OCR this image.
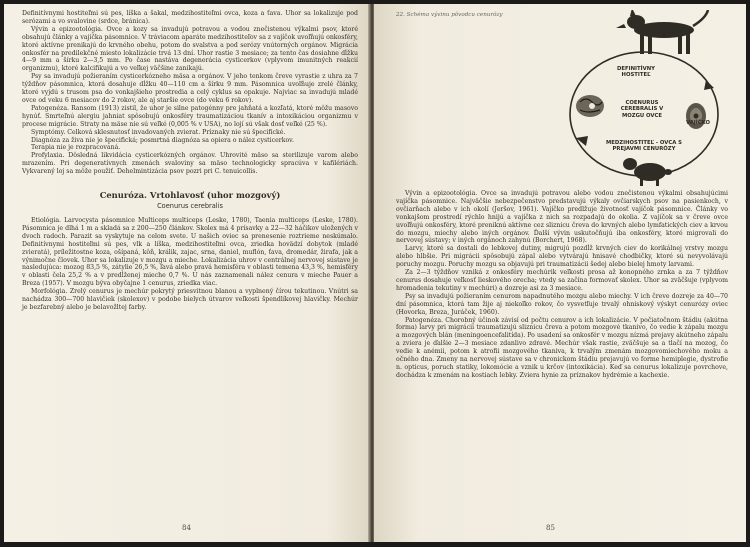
Definitívnymi hostiteľmi sú pes, líška a šakal, medzihostiteľmi ovca, koza a ťava. Uhor sa lokalizuje pod serózami a vo svalovine (srdce, bránica).

Vývin a epizootológia. Ovce a kozy sa invadujú potravou a vodou znečistenou výkalmi psov, ktoré obsahujú články a vajíčka pásomnice. V tráviacom aparáte medzihostiteľov sa z vajíčok uvoľňujú onkosféry, ktoré aktívne prenikajú do krvného obehu, potom do svalstva a pod serózy vnútorných orgánov. Migrácia onkosfér na predilekčné miesto lokalizácie trvá 13 dní. Uhor rastie 3 mesiace; za tento čas dosiahne dĺžku 4—9 mm a šírku 2—3,5 mm. Po čase nastáva degenerácia cysticerkov (vplyvom imunitných reakcií organizmu), ktoré kalcifikujú a vo veľkej väčšine zanikajú.

Psy sa invadujú požieraním cysticerkózneho mäsa a orgánov. V jeho tenkom čreve vyrastie z uhra za 7 týždňov pásomnica, ktorá dosahuje dĺžku 40—110 cm a šírku 9 mm. Pásomnica uvoľňuje zrelé články, ktoré vyjdú s trusom psa do vonkajšieho prostredia a celý cyklus sa opakuje. Najviac sa invadujú mladé ovce od veku 6 mesiacov do 2 rokov, ale aj staršie ovce (do veku 6 rokov).

Patogenéza. Ransom (1913) zistil, že uhor je silne patogénny pre jahňatá a kozľatá, ktoré môžu masovo hynúť. Smrteľnú alergiu jahniat spôsobujú onkosféry traumatizáciou tkanív a intoxikáciou organizmu v procese migrácie. Straty na mäse nie sú veľké (0,005 % v USA), no lojí sú však dosť veľké (25 %).

Symptómy. Celková sklesnutosť invadovaných zvierat. Príznaky nie sú špecifické.

Diagnóza za živa nie je špecifická; posmrtná diagnóza sa opiera o nález cysticerkov.

Terapia nie je rozpracovaná.

Profylaxia. Dôsledná likvidácia cysticerkózných orgánov. Uhrovité mäso sa sterilizuje varom alebo mrazením. Pri degeneratívnych zmenách svaloviny sa mäso technologicky spracúva v kafilériách. Vykvarený loj sa môže použiť. Dehelmintizácia psov pozri pri C. tenuicollis.

Cenuróza. Vrtohlavosť (uhor mozgový)
Coenurus cerebralis

Etiológia. Larvocysta pásomnice Multiceps multiceps (Leske, 1780), Taenia multiceps (Leske, 1780). Pásomnica je dlhá 1 m a skladá sa z 200—250 článkov. Skolex má 4 prísavky a 22—32 háčikov uložených v dvoch radoch. Parazit sa vyskytuje na celom svete. U našich oviec sa prenesenie roztrieme neskúmalo. Definitívnymi hostiteľmi sú pes, vlk a líška, medzihostiteľmi ovca, zriedka hovädzí dobytok (mladé zvieratá), príležitostne koza, ošípaná, kôň, králik, zajac, srna, daniel, muflón, ťava, dromedár, žirafa, jak a výnimočne človek. Uhor sa lokalizuje v mozgu a mieche. Lokalizácia uhrov v centrálnej nervovej sústave je nasledujúca: mozog 83,5 %, zátylie 26,5 %, ľavá alebo pravá hemisféra v oblasti temena 43,3 %, hemisféry v oblasti čela 25,2 % a v predĺženej mieche 0,7 %. U nás zaznamenali nález cenura v mieche Pauer a Breza (1957). V mozgu býva obyčajne 1 cenurus, zriedka viac.

Morfológia. Zrelý cenurus je mechúr pokrytý priesvitnou blanou a vyplnený čírou tekutinou. Vnútri sa nachádza 300—700 hlavičiek (skolexov) v podobe bielych útvarov veľkosti špendlíkovej hlavičky. Mechúr je bezfarebný alebo je belavožltej farby.

84
22. Schéma vývinu pôvodcu cenurózy
DEFINITÍVNY HOSTITEĽ
COENURUS CEREBRALIS V MOZGU OVCE
VAJÍČKO
MEDZIHOSTITEĽ - OVCA S PREJAVMI CENURÓZY

Vývin a epizootológia. Ovce sa invadujú potravou alebo vodou znečistenou výkalmi obsahujúcimi vajíčka pásomnice. Najväčšie nebezpečenstvo predstavujú výkaly ovčiarskych psov na pasienkoch, v ovčiarňach alebo v ich okolí (Jeršov, 1961). Vajíčko predlžuje životnosť vajíčok pásomnice. Články vo vonkajšom prostredí rýchlo hnijú a vajíčka z nich sa rozpadajú do okolia. Z vajíčok sa v čreve ovce uvoľňujú onkosféry, ktoré preniknú aktívne cez sliznicu čreva do krvných alebo lymfatických ciev a krvou do mozgu, miechy alebo iných orgánov. Ďalší vývin uskutočňujú iba onkosféry, ktoré migrovali do nervovej sústavy; v iných orgánoch zahynú (Borchert, 1968).

Larvy, ktoré sa dostali do lebkovej dutiny, migrujú pozdĺž krvných ciev do korikálnej vrstvy mozgu alebo hlbšie. Pri migrácii spôsobujú zápal alebo vytvárajú hnisavé chodbičky, ktoré sú nevyvolávajú poruchy mozgu. Poruchy mozgu sa objavujú pri traumatizácii šedej alebo bielej hmoty larvami.

Za 2—3 týždňov vzniká z onkosféry mechúrik veľkosti prosa až konopného zrnka a za 7 týždňov cenurus dosahuje veľkosť lieskového orecha; vtedy sa začína formovať skolex. Uhor sa zväčšuje (vplyvom hromadenia tekutiny v mechúri) a dozreje asi za 3 mesiace.

Psy sa invadujú požieraním cenurom napadnutého mozgu alebo miechy. V ich čreve dozreje za 40—70 dní pásomnica, ktorá tam žije aj niekoľko rokov, čo vysvetľuje trvalý ohniskový výskyt cenurózy oviec (Hovorka, Breza, Juráček, 1960).

Patogenéza. Chorobný účinok závisí od počtu cenurov a ich lokalizácie. V počiatočnom štádiu (akútna forma) larvy pri migrácii traumatizujú sliznicu čreva a potom mozgové tkanivo, čo vedie k zápalu mozgu a mozgových blán (meningoencefalitída). Po usadení sa onkosfér v mozgu nízmá prejavy akútneho zápalu a zviera je ďalšie 2—3 mesiace zdanlivo zdravé. Mechúr však rastie, zväčšuje sa a tlačí na mozog, čo vedie k anémii, potom k atrofii mozgového tkaniva, k trvalým zmenám mozgovomiechového moku a očného dna. Zmeny na nervovej sústave sa v chronickom štádiu prejavujú vo forme hemiplegie, dystrofie n. opticus, poruch statiky, lokomócie a vznik u krčov (intoxikácia). Keď sa cenurus lokalizuje povrchove, dochádza k zmenám na kostiach lebky. Zviera hynie za príznakov hydrémie a kachexie.

85
